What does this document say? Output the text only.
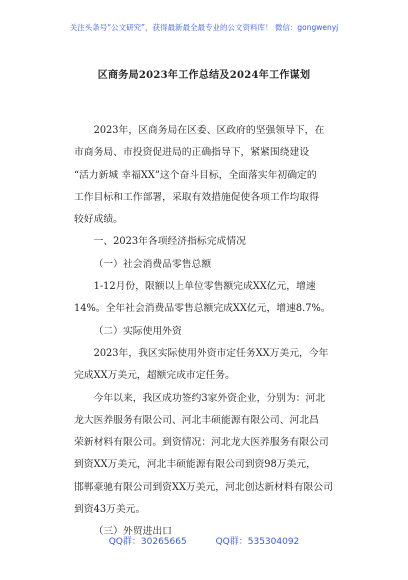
关注头条号“公文研究”，获得最新最全最专业的公文资料库！ 微信：gongwenyj
区商务局2023年工作总结及2024年工作谋划
2023年，区商务局在区委、区政府的坚强领导下，在
市商务局、市投资促进局的正确指导下，紧紧围绕建设
“活力新城 幸福XX”这个奋斗目标，全面落实年初确定的
工作目标和工作部署，采取有效措施促使各项工作均取得
较好成绩。
一、2023年各项经济指标完成情况
（一）社会消费品零售总额
1-12月份，限额以上单位零售额完成XX亿元，增速
14%。全年社会消费品零售总额完成XX亿元，增速8.7%。
（二）实际使用外资
2023年，我区实际使用外资市定任务XX万美元，今年
完成XX万美元，超额完成市定任务。
今年以来，我区成功签约3家外资企业，分别为：河北
龙大医养服务有限公司、河北丰硕能源有限公司、河北昌
荣新材料有限公司。到资情况：河北龙大医养服务有限公司
到资XX万美元，河北丰硕能源有限公司到资98万美元，
邯郸豪驰有限公司到资XX万美元，河北创达新材料有限公司
到资43万美元。
（三）外贸进出口
QQ群：30265665	QQ群：535304092
